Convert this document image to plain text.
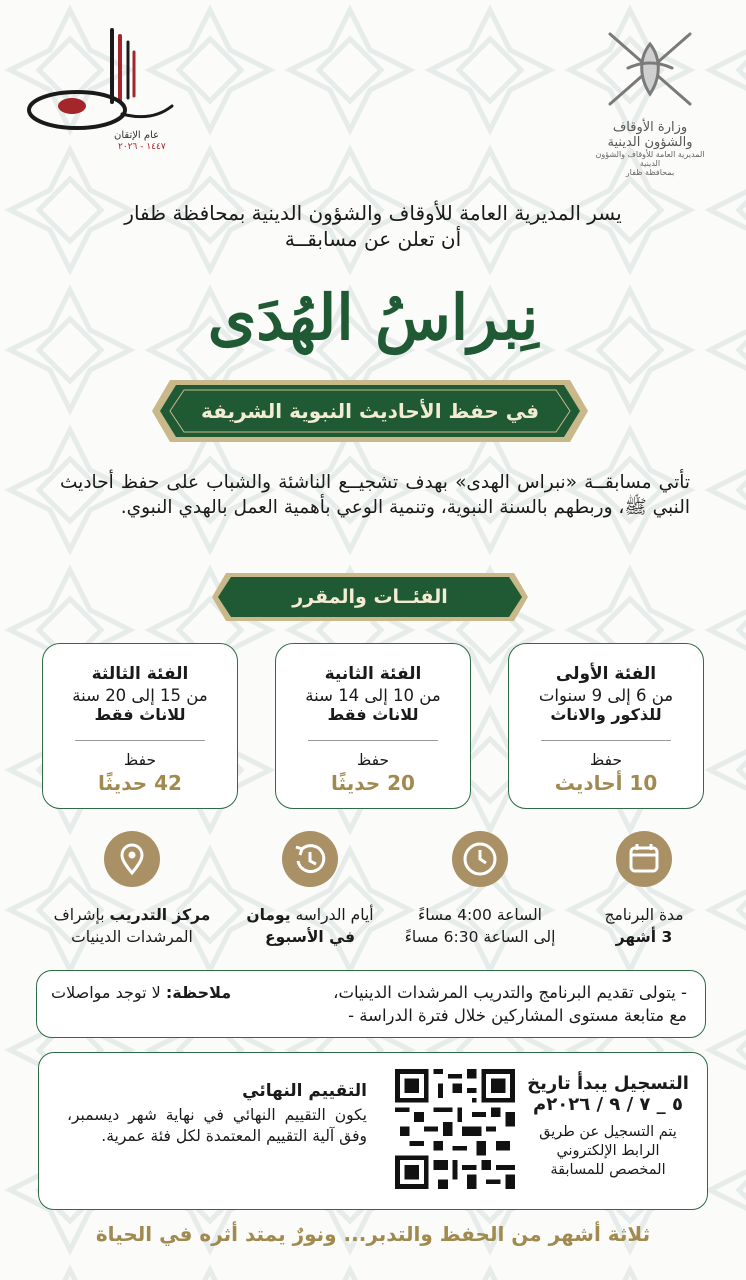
وزارة الأوقاف والشؤون الدينية
المديرية العامة للأوقاف والشؤون الدينية
بمحافظة ظفار
عام الإتقان
١٤٤٧ - ٢٠٢٦
يسر المديرية العامة للأوقاف والشؤون الدينية بمحافظة ظفار
أن تعلن عن مسابقــة
نِبراسُ الهُدَى
في حفظ الأحاديث النبوية الشريفة
تأتي مسابقــة «نبراس الهدى» بهدف تشجيــع الناشئة والشباب على حفظ أحاديث النبي ﷺ، وربطهم بالسنة النبوية، وتنمية الوعي بأهمية العمل بالهدي النبوي.
الفئــات والمقرر
الفئة الأولى
من 6 إلى 9 سنوات
للذكور والاناث
حفظ
10 أحاديث
الفئة الثانية
من 10 إلى 14 سنة
للاناث فقط
حفظ
20 حديثًا
الفئة الثالثة
من 15 إلى 20 سنة
للاناث فقط
حفظ
42 حديثًا
مدة البرنامج
3 أشهر
الساعة 4:00 مساءً
إلى الساعة 6:30 مساءً
أيام الدراسه يومان
في الأسبوع
مركز التدريب بإشراف
المرشدات الدينيات
- يتولى تقديم البرنامج والتدريب المرشدات الدينيات،
مع متابعة مستوى المشاركين خلال فترة الدراسة -
ملاحظة: لا توجد مواصلات
التسجيل يبدأ تاريخ
٥ _ ٧ / ٩ / ٢٠٢٦م
يتم التسجيل عن طريق
الرابط الإلكتروني
المخصص للمسابقة
التقييم النهائي
يكون التقييم النهائي في نهاية شهر ديسمبر، وفق آلية التقييم المعتمدة لكل فئة عمرية.
ثلاثة أشهر من الحفظ والتدبر... ونورٌ يمتد أثره في الحياة
